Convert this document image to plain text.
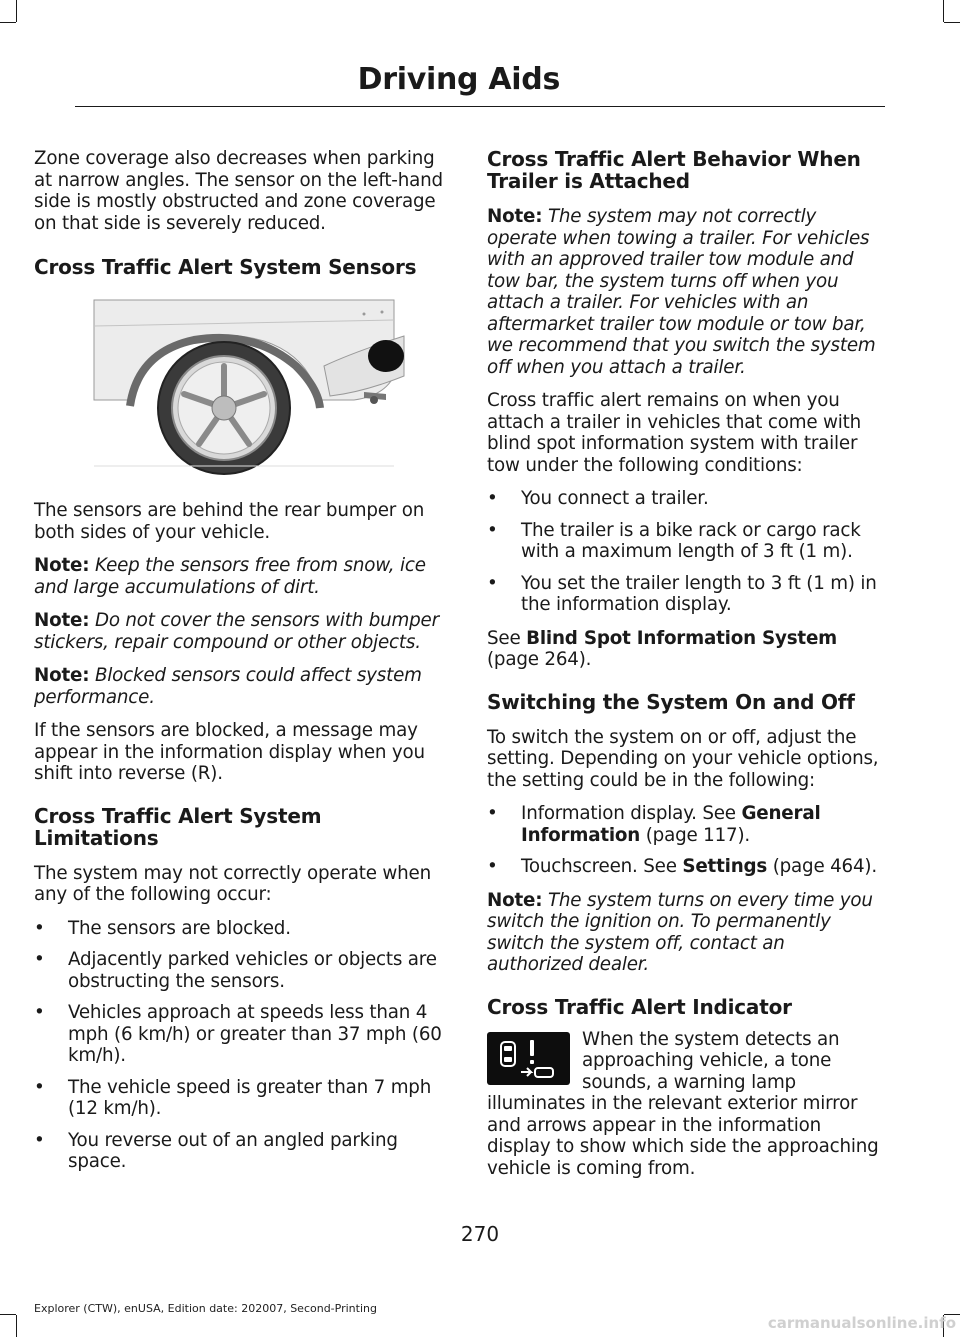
Driving Aids

Zone coverage also decreases when parking at narrow angles. The sensor on the left-hand side is mostly obstructed and zone coverage on that side is severely reduced.

Cross Traffic Alert System Sensors

The sensors are behind the rear bumper on both sides of your vehicle.

Note: Keep the sensors free from snow, ice and large accumulations of dirt.

Note: Do not cover the sensors with bumper stickers, repair compound or other objects.

Note: Blocked sensors could affect system performance.

If the sensors are blocked, a message may appear in the information display when you shift into reverse (R).

Cross Traffic Alert System Limitations

The system may not correctly operate when any of the following occur:

• The sensors are blocked.
• Adjacently parked vehicles or objects are obstructing the sensors.
• Vehicles approach at speeds less than 4 mph (6 km/h) or greater than 37 mph (60 km/h).
• The vehicle speed is greater than 7 mph (12 km/h).
• You reverse out of an angled parking space.
Cross Traffic Alert Behavior When Trailer is Attached

Note: The system may not correctly operate when towing a trailer. For vehicles with an approved trailer tow module and tow bar, the system turns off when you attach a trailer. For vehicles with an aftermarket trailer tow module or tow bar, we recommend that you switch the system off when you attach a trailer.

Cross traffic alert remains on when you attach a trailer in vehicles that come with blind spot information system with trailer tow under the following conditions:

• You connect a trailer.
• The trailer is a bike rack or cargo rack with a maximum length of 3 ft (1 m).
• You set the trailer length to 3 ft (1 m) in the information display.

See Blind Spot Information System (page 264).

Switching the System On and Off

To switch the system on or off, adjust the setting. Depending on your vehicle options, the setting could be in the following:

• Information display. See General Information (page 117).
• Touchscreen. See Settings (page 464).

Note: The system turns on every time you switch the ignition on. To permanently switch the system off, contact an authorized dealer.

Cross Traffic Alert Indicator

When the system detects an approaching vehicle, a tone sounds, a warning lamp illuminates in the relevant exterior mirror and arrows appear in the information display to show which side the approaching vehicle is coming from.

270
Explorer (CTW), enUSA, Edition date: 202007, Second-Printing
carmanualsonline.info
